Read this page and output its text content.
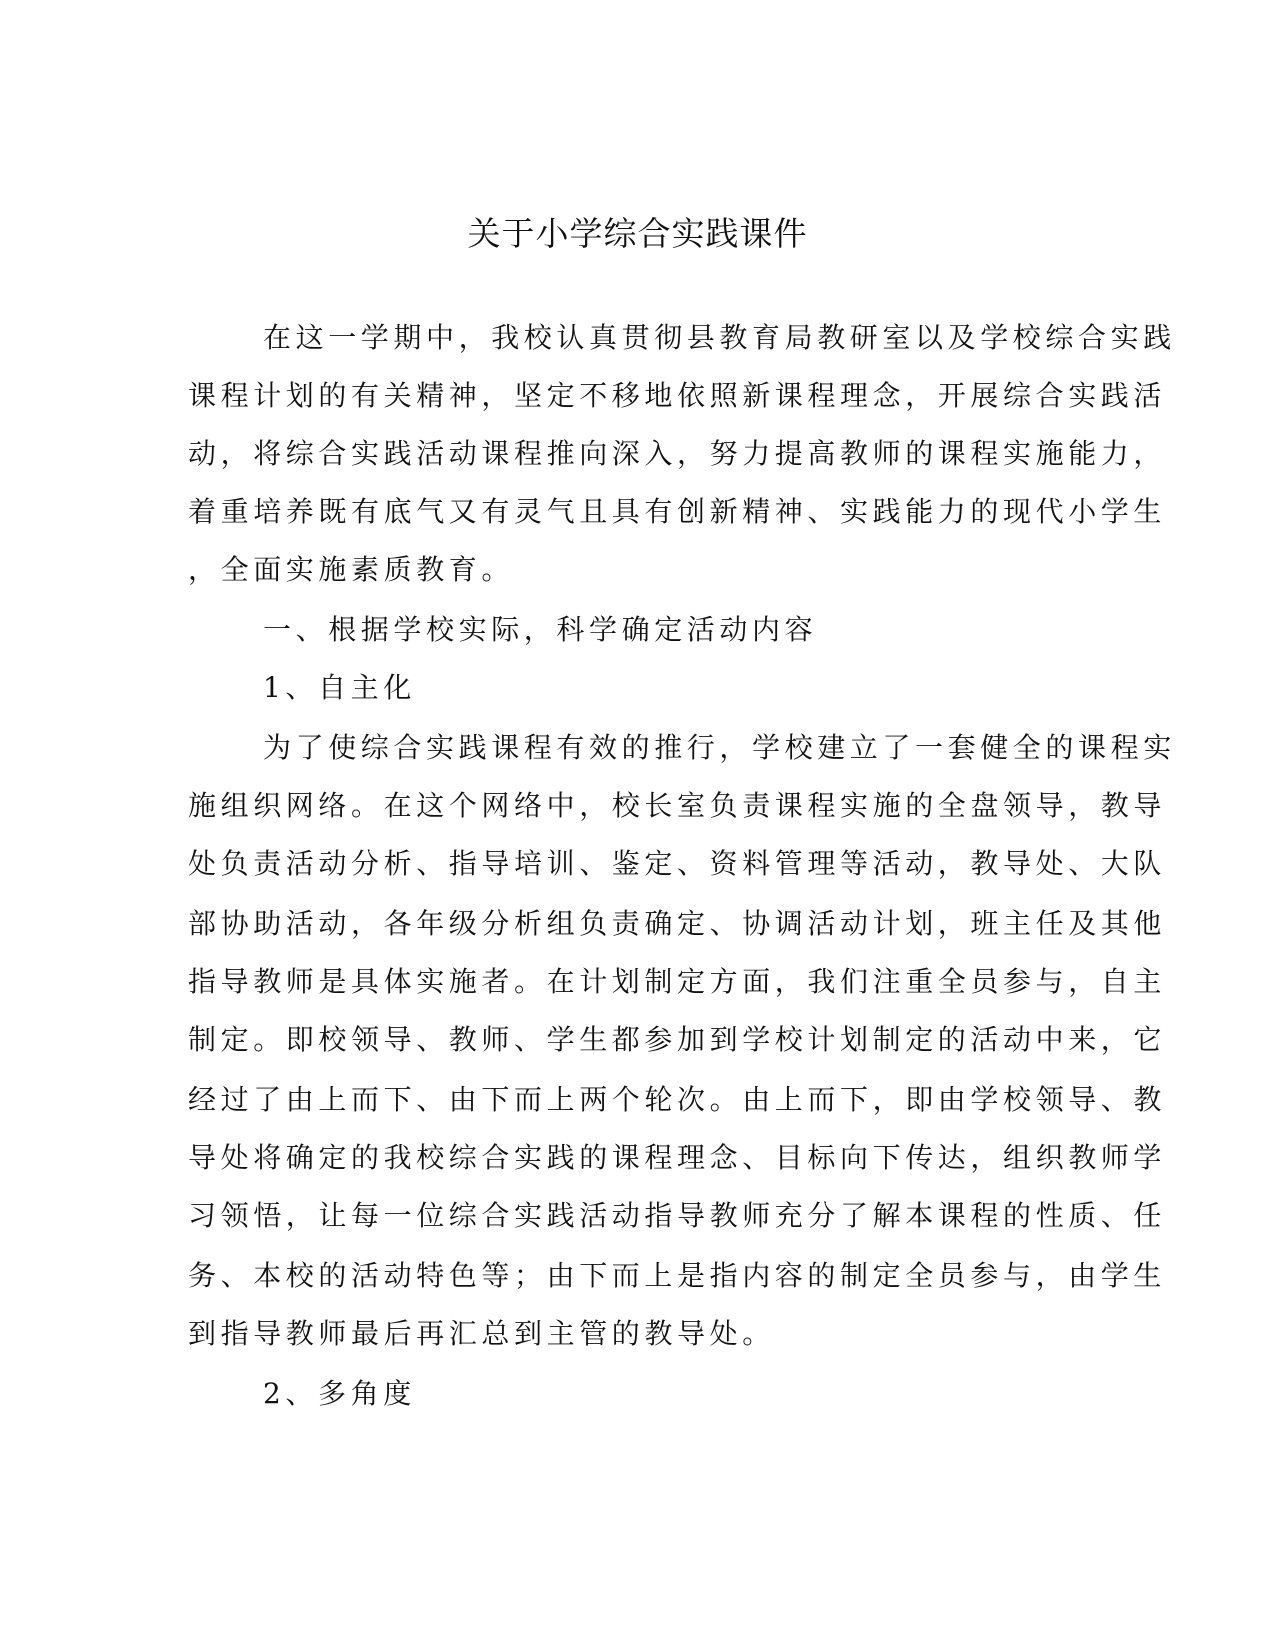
关于小学综合实践课件
在这一学期中，我校认真贯彻县教育局教研室以及学校综合实践
课程计划的有关精神，坚定不移地依照新课程理念，开展综合实践活
动，将综合实践活动课程推向深入，努力提高教师的课程实施能力，
着重培养既有底气又有灵气且具有创新精神、实践能力的现代小学生
，全面实施素质教育。
一、根据学校实际，科学确定活动内容
1、自主化
为了使综合实践课程有效的推行，学校建立了一套健全的课程实
施组织网络。在这个网络中，校长室负责课程实施的全盘领导，教导
处负责活动分析、指导培训、鉴定、资料管理等活动，教导处、大队
部协助活动，各年级分析组负责确定、协调活动计划，班主任及其他
指导教师是具体实施者。在计划制定方面，我们注重全员参与，自主
制定。即校领导、教师、学生都参加到学校计划制定的活动中来，它
经过了由上而下、由下而上两个轮次。由上而下，即由学校领导、教
导处将确定的我校综合实践的课程理念、目标向下传达，组织教师学
习领悟，让每一位综合实践活动指导教师充分了解本课程的性质、任
务、本校的活动特色等；由下而上是指内容的制定全员参与，由学生
到指导教师最后再汇总到主管的教导处。
2、多角度
